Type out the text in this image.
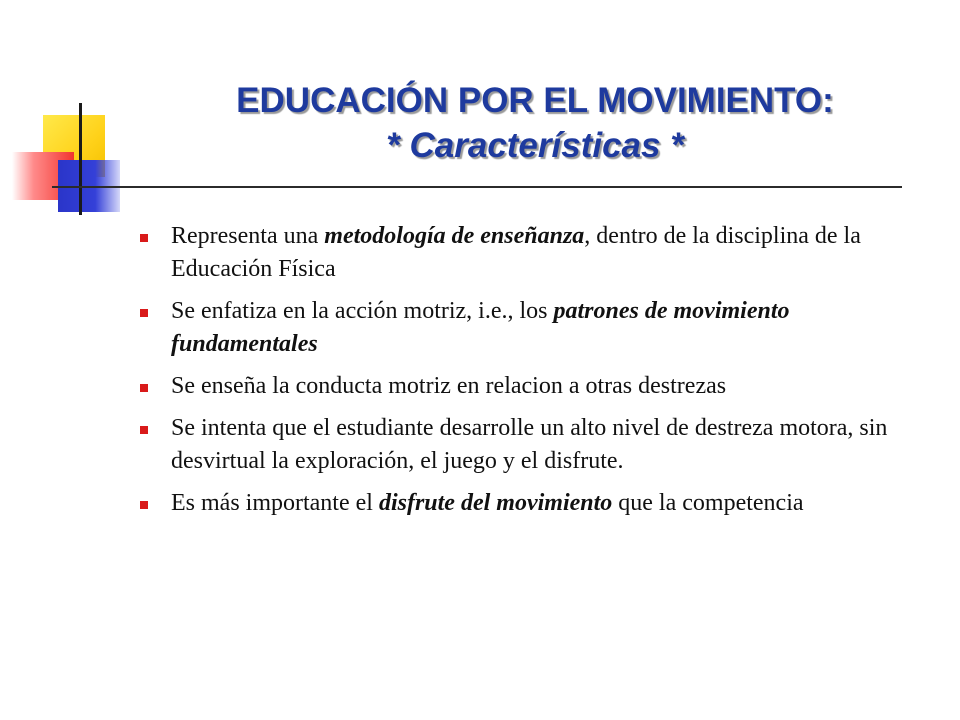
EDUCACIÓN POR EL MOVIMIENTO:
* Características *
Representa una metodología de enseñanza, dentro de la disciplina de la Educación Física
Se enfatiza en la acción motriz, i.e., los patrones de movimiento fundamentales
Se enseña la conducta motriz en relacion a otras destrezas
Se intenta que el estudiante desarrolle un alto nivel de destreza motora, sin desvirtual la exploración, el juego y el disfrute.
Es más importante el disfrute del movimiento que la competencia
